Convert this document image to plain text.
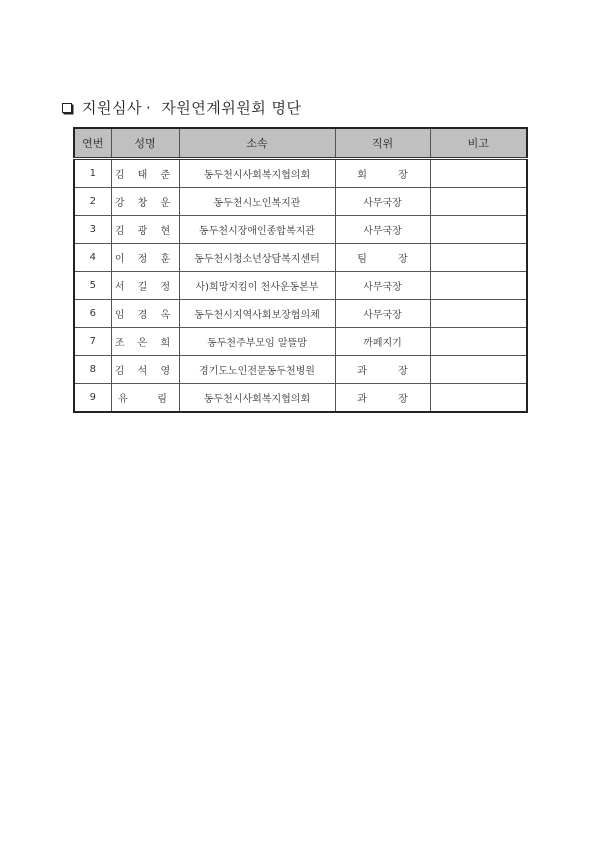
지원심사 · 자원연계위원회 명단
연번	성명	소속	직위	비고
1	김 태 준	동두천시사회복지협의회	회 장	
2	강 창 운	동두천시노인복지관	사무국장	
3	김 광 현	동두천시장애인종합복지관	사무국장	
4	이 정 훈	동두천시청소년상담복지센터	팀 장	
5	서 길 정	사)희망지킴이 천사운동본부	사무국장	
6	임 경 옥	동두천시지역사회보장협의체	사무국장	
7	조 은 희	동두천주부모임 알뜰맘	까페지기	
8	김 석 영	경기도노인전문동두천병원	과 장	
9	유   림	동두천시사회복지협의회	과 장	
